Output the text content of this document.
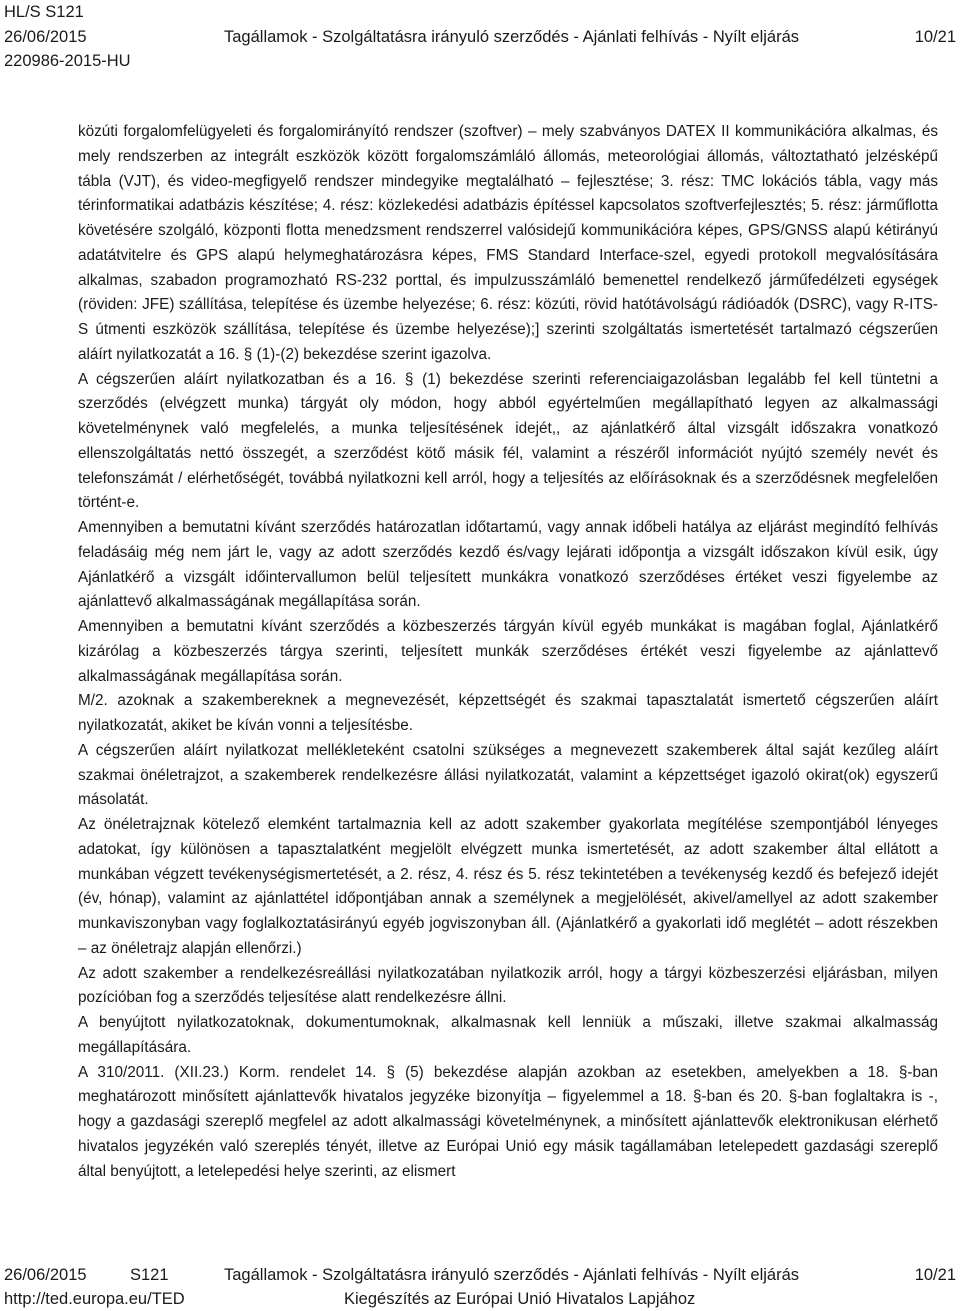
HL/S S121
26/06/2015	Tagállamok - Szolgáltatásra irányuló szerződés - Ajánlati felhívás - Nyílt eljárás	10/21
220986-2015-HU

közúti forgalomfelügyeleti és forgalomirányító rendszer (szoftver) – mely szabványos DATEX II kommunikációra alkalmas, és mely rendszerben az integrált eszközök között forgalomszámláló állomás, meteorológiai állomás, változtatható jelzésképű tábla (VJT), és video-megfigyelő rendszer mindegyike megtalálható – fejlesztése; 3. rész: TMC lokációs tábla, vagy más térinformatikai adatbázis készítése; 4. rész: közlekedési adatbázis építéssel kapcsolatos szoftverfejlesztés; 5. rész: járműflotta követésére szolgáló, központi flotta menedzsment rendszerrel valósidejű kommunikációra képes, GPS/GNSS alapú kétirányú adatátvitelre és GPS alapú helymeghatározásra képes, FMS Standard Interface-szel, egyedi protokoll megvalósítására alkalmas, szabadon programozható RS-232 porttal, és impulzusszámláló bemenettel rendelkező járműfedélzeti egységek (röviden: JFE) szállítása, telepítése és üzembe helyezése; 6. rész: közúti, rövid hatótávolságú rádióadók (DSRC), vagy R-ITS-S útmenti eszközök szállítása, telepítése és üzembe helyezése);] szerinti szolgáltatás ismertetését tartalmazó cégszerűen aláírt nyilatkozatát a 16. § (1)-(2) bekezdése szerint igazolva.

A cégszerűen aláírt nyilatkozatban és a 16. § (1) bekezdése szerinti referenciaigazolásban legalább fel kell tüntetni a szerződés (elvégzett munka) tárgyát oly módon, hogy abból egyértelműen megállapítható legyen az alkalmassági követelménynek való megfelelés, a munka teljesítésének idejét,, az ajánlatkérő által vizsgált időszakra vonatkozó ellenszolgáltatás nettó összegét, a szerződést kötő másik fél, valamint a részéről információt nyújtó személy nevét és telefonszámát / elérhetőségét, továbbá nyilatkozni kell arról, hogy a teljesítés az előírásoknak és a szerződésnek megfelelően történt-e.

Amennyiben a bemutatni kívánt szerződés határozatlan időtartamú, vagy annak időbeli hatálya az eljárást megindító felhívás feladásáig még nem járt le, vagy az adott szerződés kezdő és/vagy lejárati időpontja a vizsgált időszakon kívül esik, úgy Ajánlatkérő a vizsgált időintervallumon belül teljesített munkákra vonatkozó szerződéses értéket veszi figyelembe az ajánlattevő alkalmasságának megállapítása során.

Amennyiben a bemutatni kívánt szerződés a közbeszerzés tárgyán kívül egyéb munkákat is magában foglal, Ajánlatkérő kizárólag a közbeszerzés tárgya szerinti, teljesített munkák szerződéses értékét veszi figyelembe az ajánlattevő alkalmasságának megállapítása során.

M/2. azoknak a szakembereknek a megnevezését, képzettségét és szakmai tapasztalatát ismertető cégszerűen aláírt nyilatkozatát, akiket be kíván vonni a teljesítésbe.

A cégszerűen aláírt nyilatkozat mellékleteként csatolni szükséges a megnevezett szakemberek által saját kezűleg aláírt szakmai önéletrajzot, a szakemberek rendelkezésre állási nyilatkozatát, valamint a képzettséget igazoló okirat(ok) egyszerű másolatát.

Az önéletrajznak kötelező elemként tartalmaznia kell az adott szakember gyakorlata megítélése szempontjából lényeges adatokat, így különösen a tapasztalatként megjelölt elvégzett munka ismertetését, az adott szakember által ellátott a munkában végzett tevékenységismertetését, a 2. rész, 4. rész és 5. rész tekintetében a tevékenység kezdő és befejező idejét (év, hónap), valamint az ajánlattétel időpontjában annak a személynek a megjelölését, akivel/amellyel az adott szakember munkaviszonyban vagy foglalkoztatásirányú egyéb jogviszonyban áll. (Ajánlatkérő a gyakorlati idő meglétét – adott részekben – az önéletrajz alapján ellenőrzi.)

Az adott szakember a rendelkezésreállási nyilatkozatában nyilatkozik arról, hogy a tárgyi közbeszerzési eljárásban, milyen pozícióban fog a szerződés teljesítése alatt rendelkezésre állni.

A benyújtott nyilatkozatoknak, dokumentumoknak, alkalmasnak kell lenniük a műszaki, illetve szakmai alkalmasság megállapítására.

A 310/2011. (XII.23.) Korm. rendelet 14. § (5) bekezdése alapján azokban az esetekben, amelyekben a 18. §-ban meghatározott minősített ajánlattevők hivatalos jegyzéke bizonyítja – figyelemmel a 18. §-ban és 20. §-ban foglaltakra is -, hogy a gazdasági szereplő megfelel az adott alkalmassági követelménynek, a minősített ajánlattevők elektronikusan elérhető hivatalos jegyzékén való szereplés tényét, illetve az Európai Unió egy másik tagállamában letelepedett gazdasági szereplő által benyújtott, a letelepedési helye szerinti, az elismert

26/06/2015	S121	Tagállamok - Szolgáltatásra irányuló szerződés - Ajánlati felhívás - Nyílt eljárás	10/21
http://ted.europa.eu/TED	Kiegészítés az Európai Unió Hivatalos Lapjához
